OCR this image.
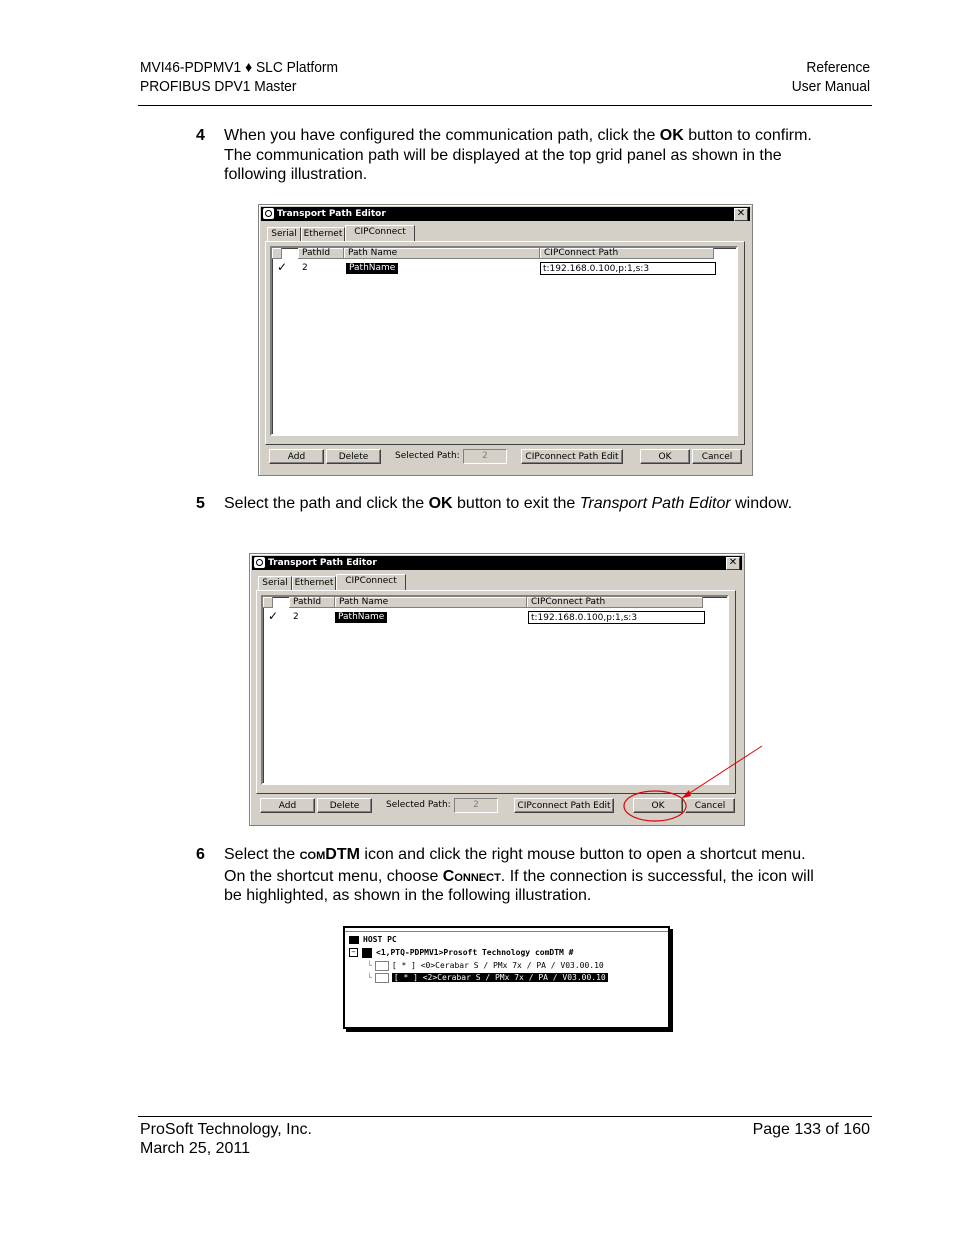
MVI46-PDPMV1 ♦ SLC Platform
PROFIBUS DPV1 Master
Reference
User Manual
4 When you have configured the communication path, click the OK button to confirm. The communication path will be displayed at the top grid panel as shown in the following illustration.
Transport Path Editor	✕
Serial Ethernet	CIPConnect
PathId	Path Name	CIPConnect Path
✓ 2	PathName	t:192.168.0.100,p:1,s:3
Add	Delete	Selected Path:	2	CIPconnect Path Edit	OK	Cancel
5 Select the path and click the OK button to exit the Transport Path Editor window.
Transport Path Editor	✕
Serial Ethernet	CIPConnect
PathId	Path Name	CIPConnect Path
✓ 2	PathName	t:192.168.0.100,p:1,s:3
Add	Delete	Selected Path:	2	CIPconnect Path Edit	OK	Cancel
6 Select the COMDTM icon and click the right mouse button to open a shortcut menu. On the shortcut menu, choose Connect. If the connection is successful, the icon will be highlighted, as shown in the following illustration.
HOST PC
−	<1,PTQ-PDPMV1>Prosoft Technology comDTM #
└	[ * ] <0>Cerabar S / PMx 7x / PA / V03.00.10
└	[ * ] <2>Cerabar S / PMx 7x / PA / V03.00.10
ProSoft Technology, Inc.
March 25, 2011
Page 133 of 160
